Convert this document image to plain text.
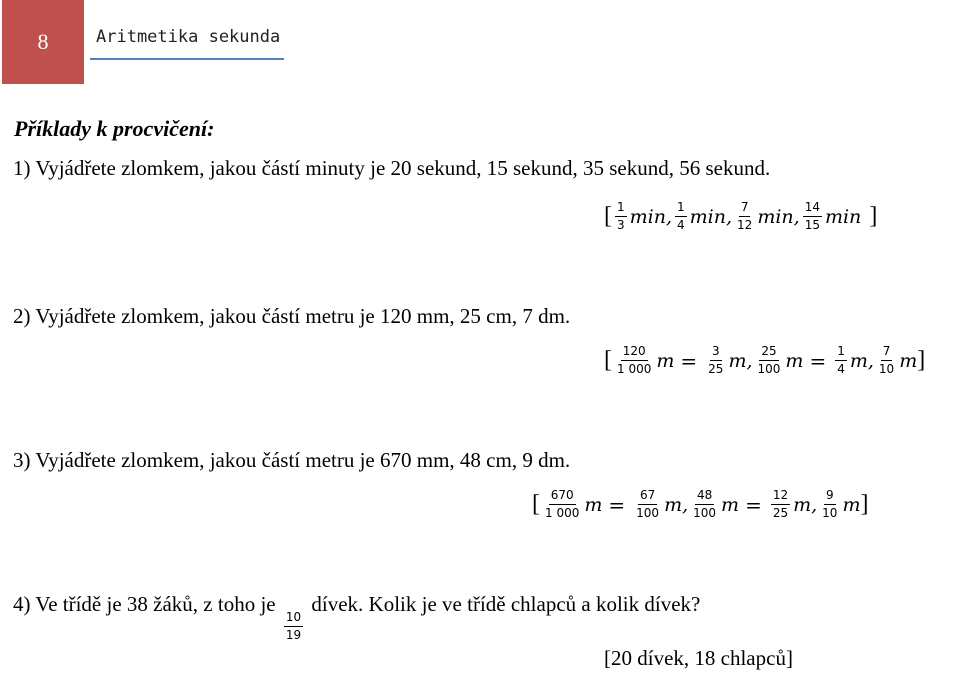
8	Aritmetika sekunda
Příklady k procvičení:
1) Vyjádřete zlomkem, jakou částí minuty je 20 sekund, 15 sekund, 35 sekund, 56 sekund.
[ $\frac{1}{3} \min$, $\frac{1}{4} \min$, $\frac{7}{12} \min$, $\frac{14}{15}$ min ]
2) Vyjádřete zlomkem, jakou částí metru je 120 mm, 25 cm, 7 dm.
[ $\frac{120}{1 000}$ $m = \frac{3}{25} m$, $\frac{25}{100}$ $m = \frac{1}{4} m$, $\frac{7}{10}$ m ]
3) Vyjádřete zlomkem, jakou částí metru je 670 mm, 48 cm, 9 dm.
[ $\frac{670}{1 000}$ $m = \frac{67}{100} m$, $\frac{48}{100}$ $m = \frac{12}{25} m$, $\frac{9}{10}$ m ]
4) Ve třídě je 38 žáků, z toho je
$\frac{10}{19}$
dívek. Kolik je ve třídě chlapců a kolik dívek?
[20 dívek, 18 chlapců]
